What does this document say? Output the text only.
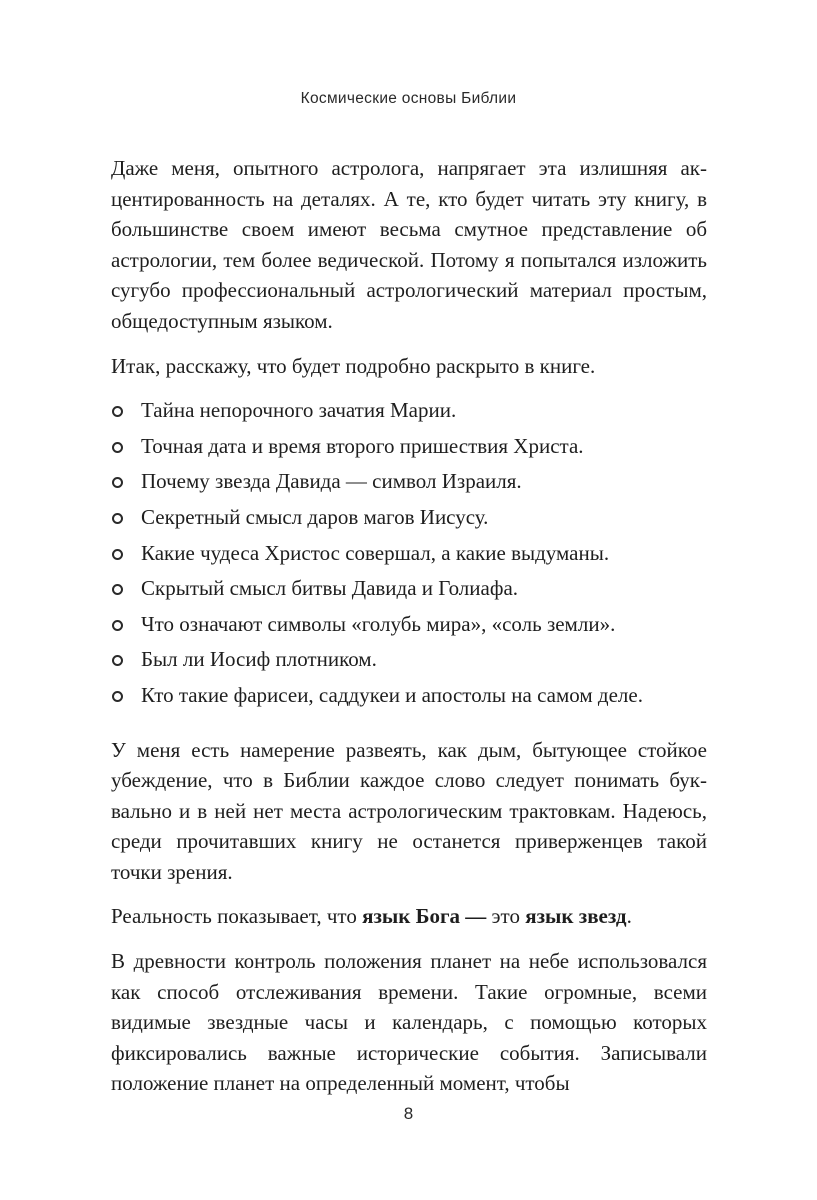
Космические основы Библии

Даже меня, опытного астролога, напрягает эта излишняя акцентированность на деталях. А те, кто будет читать эту книгу, в большинстве своем имеют весьма смутное представление об астрологии, тем более ведической. Потому я попытался изложить сугубо профессиональный астрологический материал простым, общедоступным языком.

Итак, расскажу, что будет подробно раскрыто в книге.

Тайна непорочного зачатия Марии.
Точная дата и время второго пришествия Христа.
Почему звезда Давида — символ Израиля.
Секретный смысл даров магов Иисусу.
Какие чудеса Христос совершал, а какие выдуманы.
Скрытый смысл битвы Давида и Голиафа.
Что означают символы «голубь мира», «соль земли».
Был ли Иосиф плотником.
Кто такие фарисеи, саддукеи и апостолы на самом деле.

У меня есть намерение развеять, как дым, бытующее стойкое убеждение, что в Библии каждое слово следует понимать буквально и в ней нет места астрологическим трактовкам. Надеюсь, среди прочитавших книгу не останется приверженцев такой точки зрения.

Реальность показывает, что язык Бога — это язык звезд.

В древности контроль положения планет на небе использовался как способ отслеживания времени. Такие огромные, всеми видимые звездные часы и календарь, с помощью которых фиксировались важные исторические события. Записывали положение планет на определенный момент, чтобы

8
